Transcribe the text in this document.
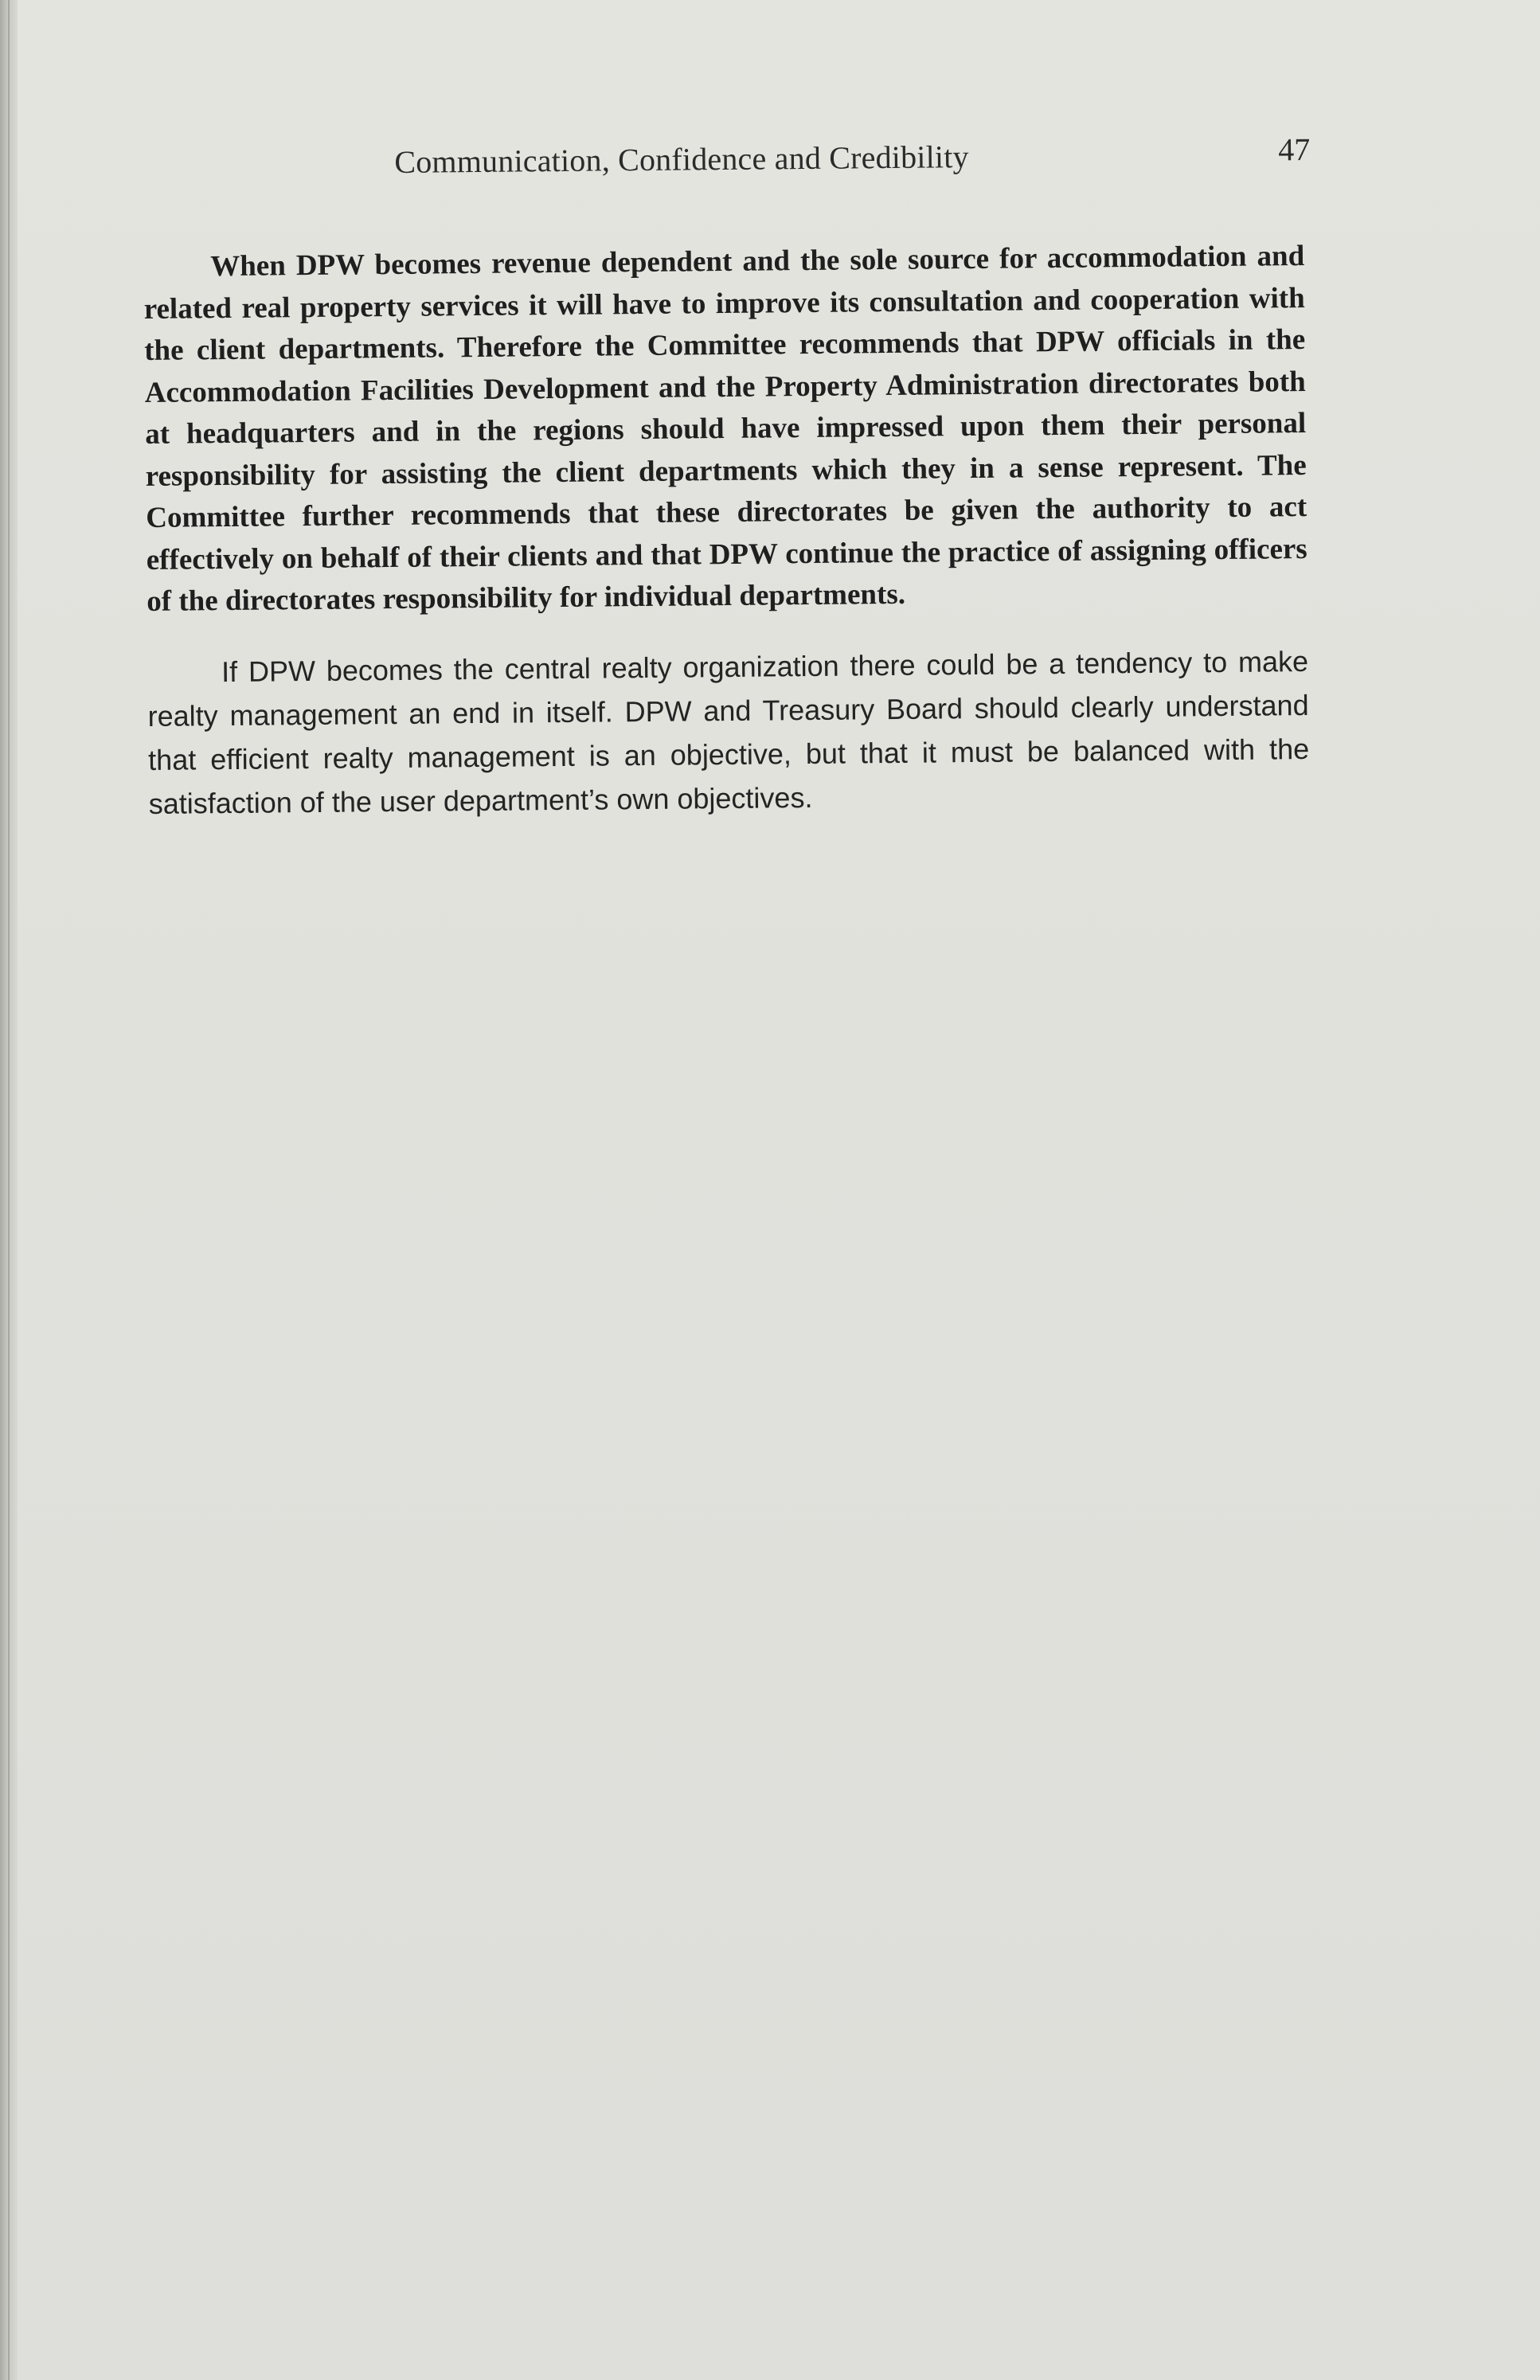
Communication, Confidence and Credibility	47

When DPW becomes revenue dependent and the sole source for accommodation and related real property services it will have to improve its consultation and cooperation with the client departments. Therefore the Committee recommends that DPW officials in the Accommodation Facilities Development and the Property Administration directorates both at headquarters and in the regions should have impressed upon them their personal responsibility for assisting the client departments which they in a sense represent. The Committee further recommends that these directorates be given the authority to act effectively on behalf of their clients and that DPW continue the practice of assigning officers of the directorates responsibility for individual departments.

If DPW becomes the central realty organization there could be a tendency to make realty management an end in itself. DPW and Treasury Board should clearly understand that efficient realty management is an objective, but that it must be balanced with the satisfaction of the user department’s own objectives.
